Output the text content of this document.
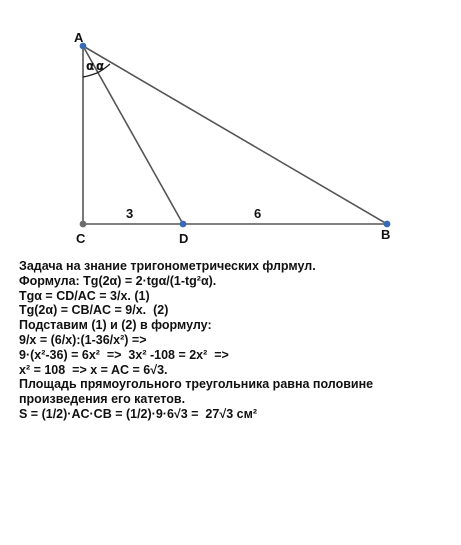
α α
A
C	D	B
3	6
Задача на знание тригонометрических флрмул.
Формула: Tg(2α) = 2·tgα/(1-tg²α).
Tgα = CD/AC = 3/x. (1)
Tg(2α) = CB/AC = 9/x.  (2)
Подставим (1) и (2) в формулу:
9/x = (6/x):(1-36/x²) =>
9·(x²-36) = 6x²  =>  3x² -108 = 2x²  =>
x² = 108  => x = AC = 6√3.
Площадь прямоугольного треугольника равна половине
произведения его катетов.
S = (1/2)·AC·CB = (1/2)·9·6√3 =  27√3 см²
